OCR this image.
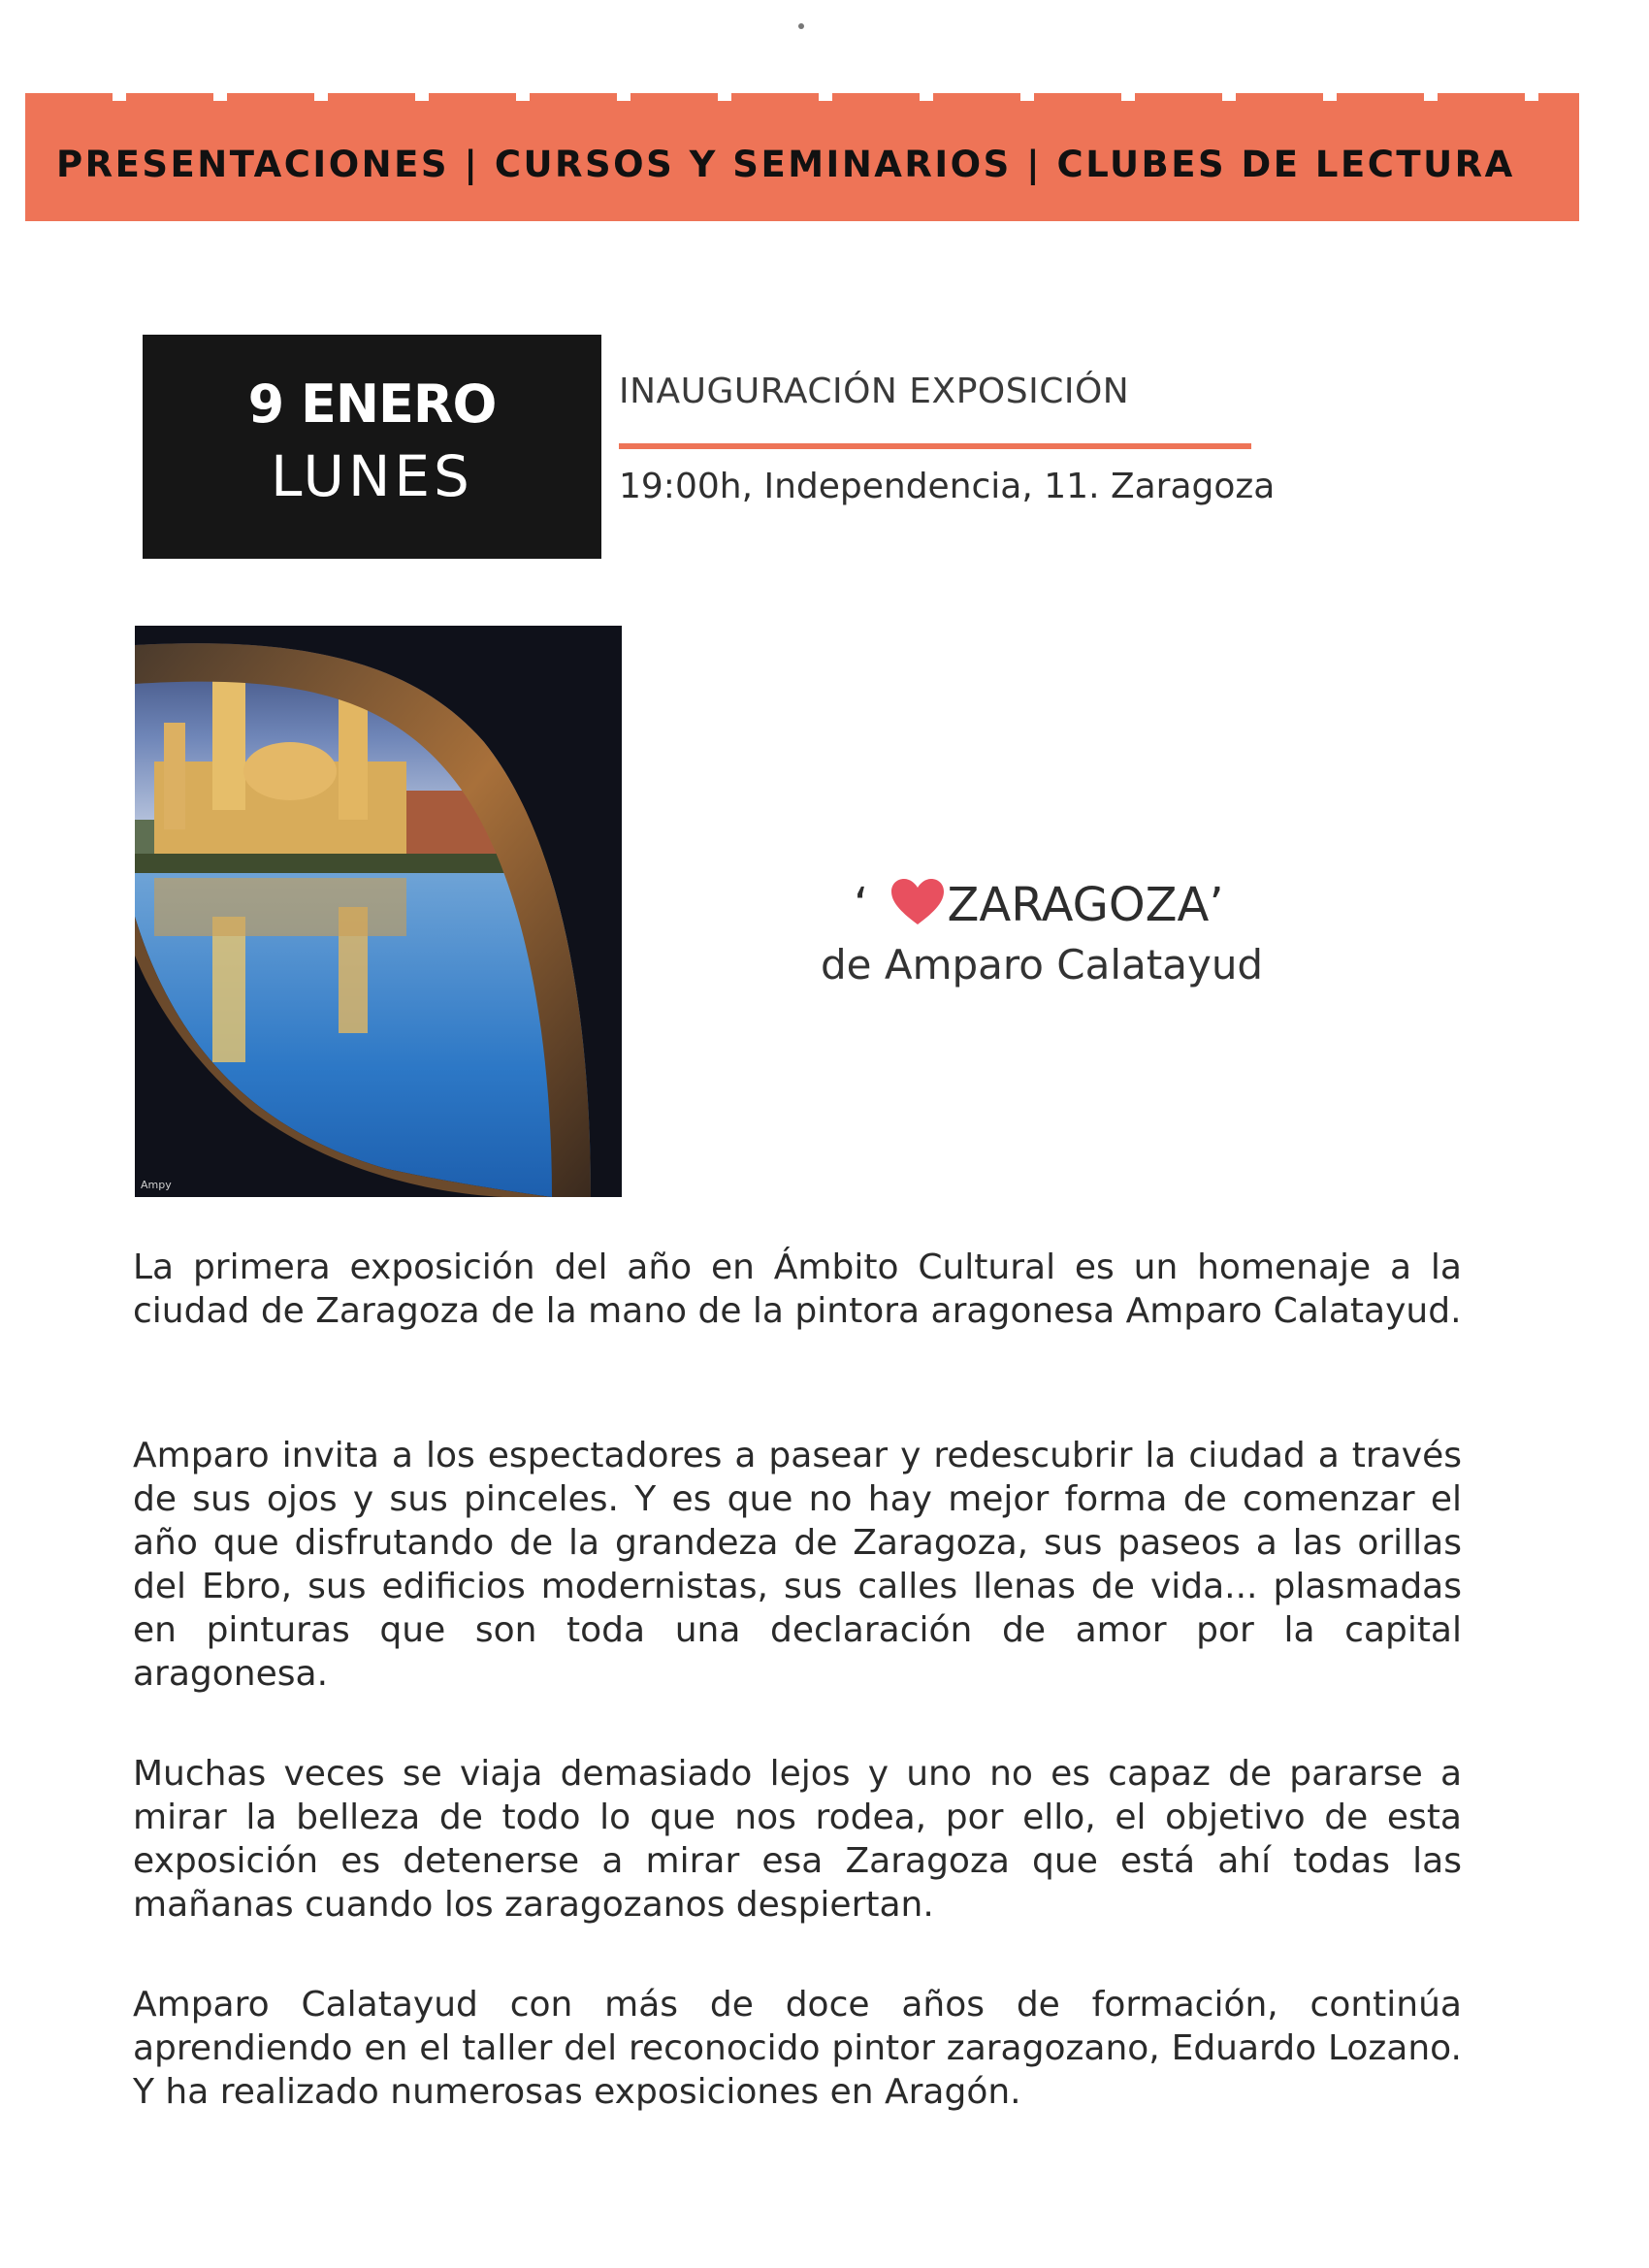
PRESENTACIONES | CURSOS Y SEMINARIOS | CLUBES DE LECTURA
9 ENERO
LUNES
INAUGURACIÓN EXPOSICIÓN
19:00h, Independencia, 11. Zaragoza
Ampy
‘ ZARAGOZA’
de Amparo Calatayud

La primera exposición del año en Ámbito Cultural es un homenaje a la ciudad de Zaragoza de la mano de la pintora aragonesa Amparo Calatayud.

Amparo invita a los espectadores a pasear y redescubrir la ciudad a través de sus ojos y sus pinceles. Y es que no hay mejor forma de comenzar el año que disfrutando de la grandeza de Zaragoza, sus paseos a las orillas del Ebro, sus edificios modernistas, sus calles llenas de vida... plasmadas en pinturas que son toda una declaración de amor por la capital aragonesa.

Muchas veces se viaja demasiado lejos y uno no es capaz de pararse a mirar la belleza de todo lo que nos rodea, por ello, el objetivo de esta exposición es detenerse a mirar esa Zaragoza que está ahí todas las mañanas cuando los zaragozanos despiertan.

Amparo Calatayud con más de doce años de formación, continúa aprendiendo en el taller del reconocido pintor zaragozano, Eduardo Lozano. Y ha realizado numerosas exposiciones en Aragón.
